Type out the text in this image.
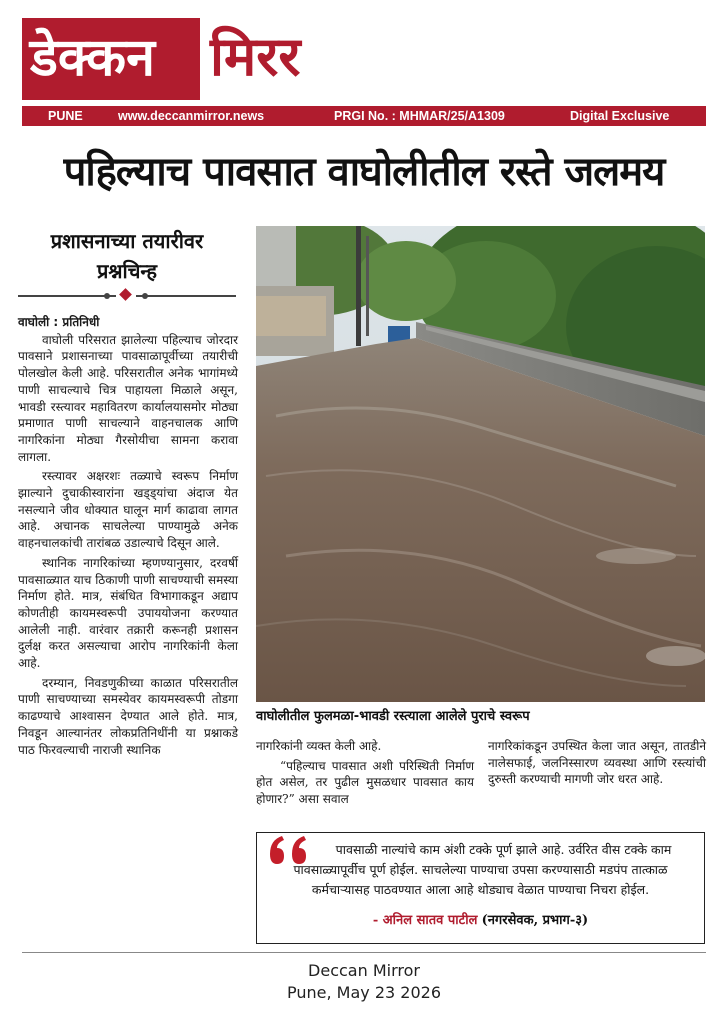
डेक्कन मिरर
PUNE	www.deccanmirror.news	PRGI No. : MHMAR/25/A1309	Digital Exclusive
पहिल्याच पावसात वाघोलीतील रस्ते जलमय
प्रशासनाच्या तयारीवर
प्रश्नचिन्ह
वाघोली : प्रतिनिधी

वाघोली परिसरात झालेल्या पहिल्याच जोरदार पावसाने प्रशासनाच्या पावसाळापूर्वीच्या तयारीची पोलखोल केली आहे. परिसरातील अनेक भागांमध्ये पाणी साचल्याचे चित्र पाहायला मिळाले असून, भावडी रस्त्यावर महावितरण कार्यालयासमोर मोठ्या प्रमाणात पाणी साचल्याने वाहनचालक आणि नागरिकांना मोठ्या गैरसोयीचा सामना करावा लागला.

रस्त्यावर अक्षरशः तळ्याचे स्वरूप निर्माण झाल्याने दुचाकीस्वारांना खड्ड्यांचा अंदाज येत नसल्याने जीव धोक्यात घालून मार्ग काढावा लागत आहे. अचानक साचलेल्या पाण्यामुळे अनेक वाहनचालकांची तारांबळ उडाल्याचे दिसून आले.

स्थानिक नागरिकांच्या म्हणण्यानुसार, दरवर्षी पावसाळ्यात याच ठिकाणी पाणी साचण्याची समस्या निर्माण होते. मात्र, संबंधित विभागाकडून अद्याप कोणतीही कायमस्वरूपी उपाययोजना करण्यात आलेली नाही. वारंवार तक्रारी करूनही प्रशासन दुर्लक्ष करत असल्याचा आरोप नागरिकांनी केला आहे.

दरम्यान, निवडणुकीच्या काळात परिसरातील पाणी साचण्याच्या समस्येवर कायमस्वरूपी तोडगा काढण्याचे आश्वासन देण्यात आले होते. मात्र, निवडून आल्यानंतर लोकप्रतिनिधींनी या प्रश्नाकडे पाठ फिरवल्याची नाराजी स्थानिक

वाघोलीतील फुलमळा-भावडी रस्त्याला आलेले पुराचे स्वरूप

नागरिकांनी व्यक्त केली आहे.

“पहिल्याच पावसात अशी परिस्थिती निर्माण होत असेल, तर पुढील मुसळधार पावसात काय होणार?” असा सवाल

नागरिकांकडून उपस्थित केला जात असून, तातडीने नालेसफाई, जलनिस्सारण व्यवस्था आणि रस्त्यांची दुरुस्ती करण्याची मागणी जोर धरत आहे.

पावसाळी नाल्यांचे काम अंशी टक्के पूर्ण झाले आहे. उर्वरित वीस टक्के काम पावसाळ्यापूर्वीच पूर्ण होईल. साचलेल्या पाण्याचा उपसा करण्यासाठी मडपंप तात्काळ कर्मचाऱ्यासह पाठवण्यात आला आहे थोड्याच वेळात पाण्याचा निचरा होईल.
- अनिल सातव पाटील (नगरसेवक, प्रभाग-३)
Deccan Mirror
Pune, May 23 2026
